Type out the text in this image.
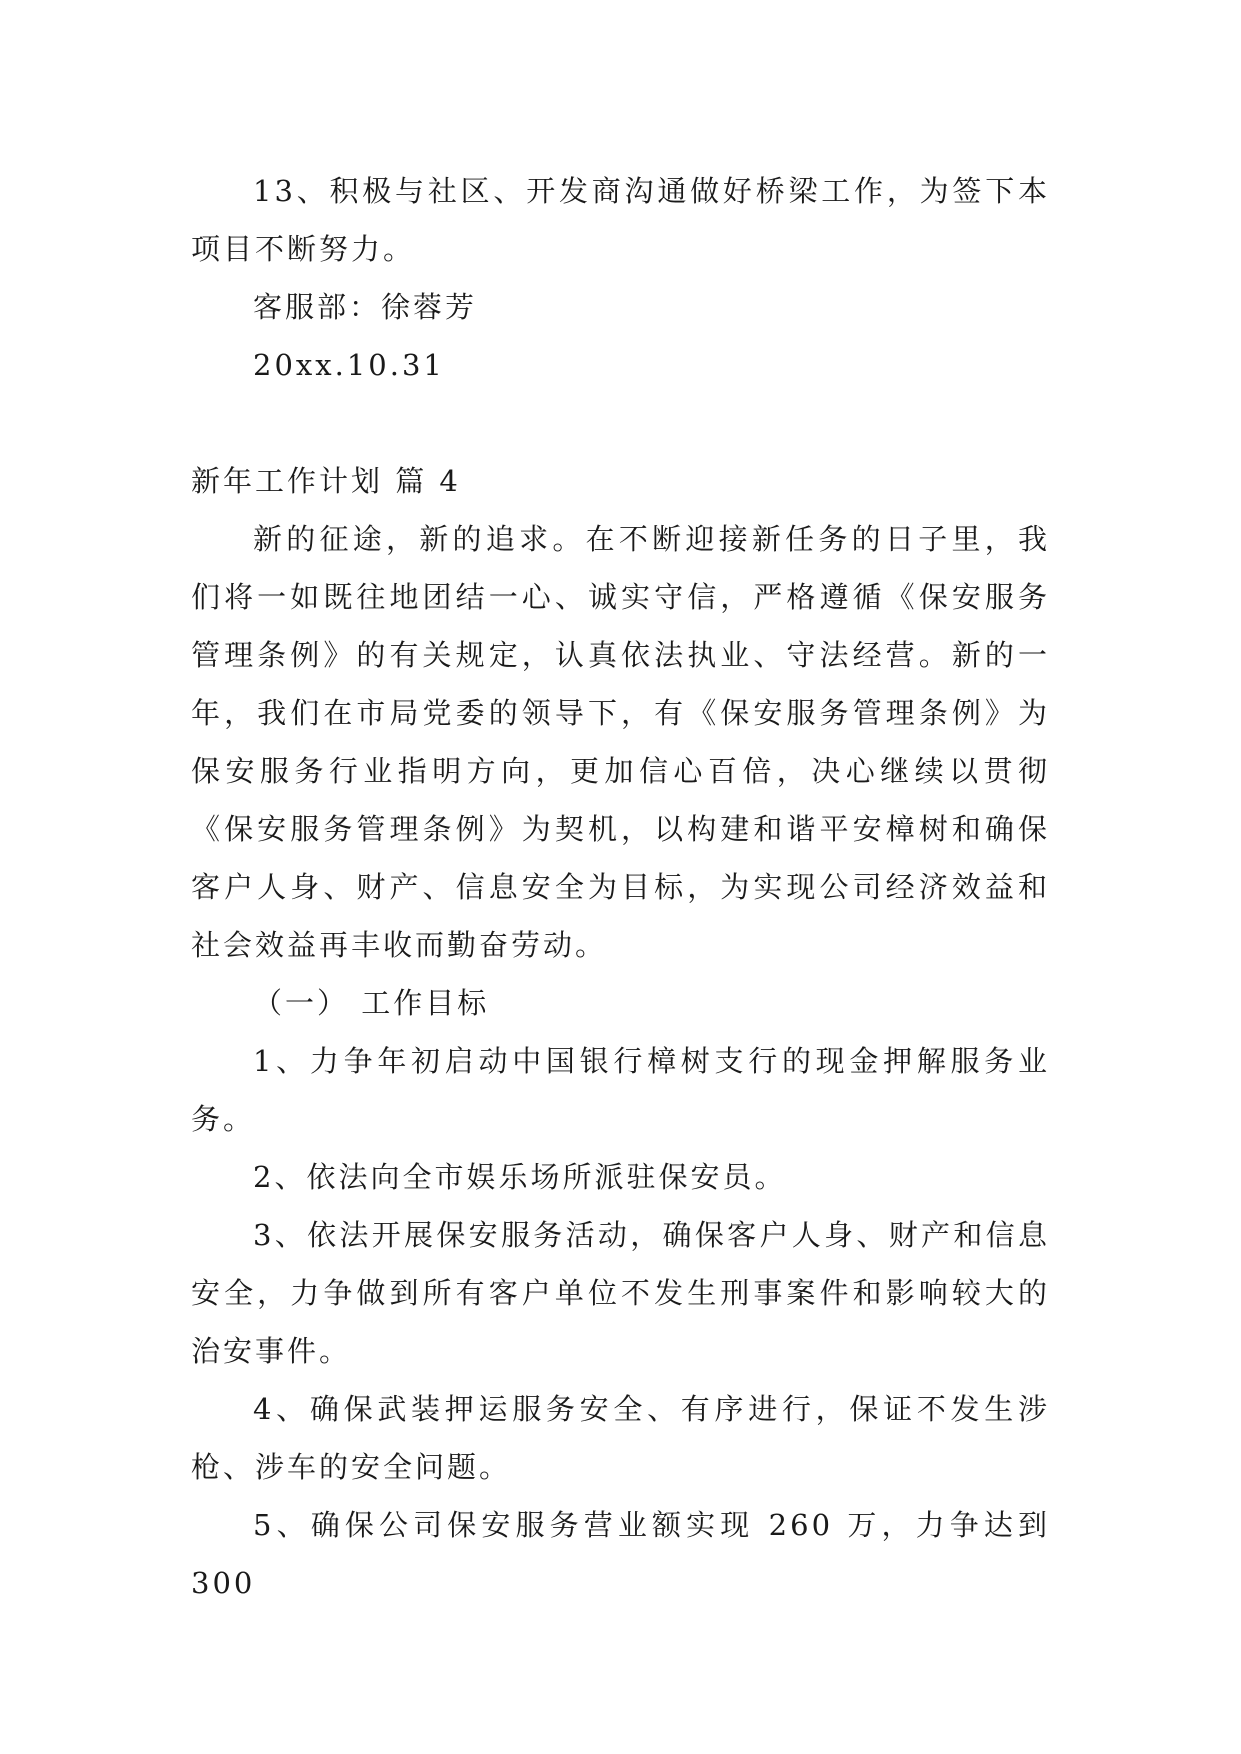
13、积极与社区、开发商沟通做好桥梁工作，为签下本项目不断努力。

客服部：徐蓉芳

20xx.10.31

新年工作计划 篇 4

新的征途，新的追求。在不断迎接新任务的日子里，我们将一如既往地团结一心、诚实守信，严格遵循《保安服务管理条例》的有关规定，认真依法执业、守法经营。新的一年，我们在市局党委的领导下，有《保安服务管理条例》为保安服务行业指明方向，更加信心百倍，决心继续以贯彻《保安服务管理条例》为契机，以构建和谐平安樟树和确保客户人身、财产、信息安全为目标，为实现公司经济效益和社会效益再丰收而勤奋劳动。

（一） 工作目标

1、力争年初启动中国银行樟树支行的现金押解服务业务。

2、依法向全市娱乐场所派驻保安员。

3、依法开展保安服务活动，确保客户人身、财产和信息安全，力争做到所有客户单位不发生刑事案件和影响较大的治安事件。

4、确保武装押运服务安全、有序进行，保证不发生涉枪、涉车的安全问题。

5、确保公司保安服务营业额实现 260 万，力争达到 300
